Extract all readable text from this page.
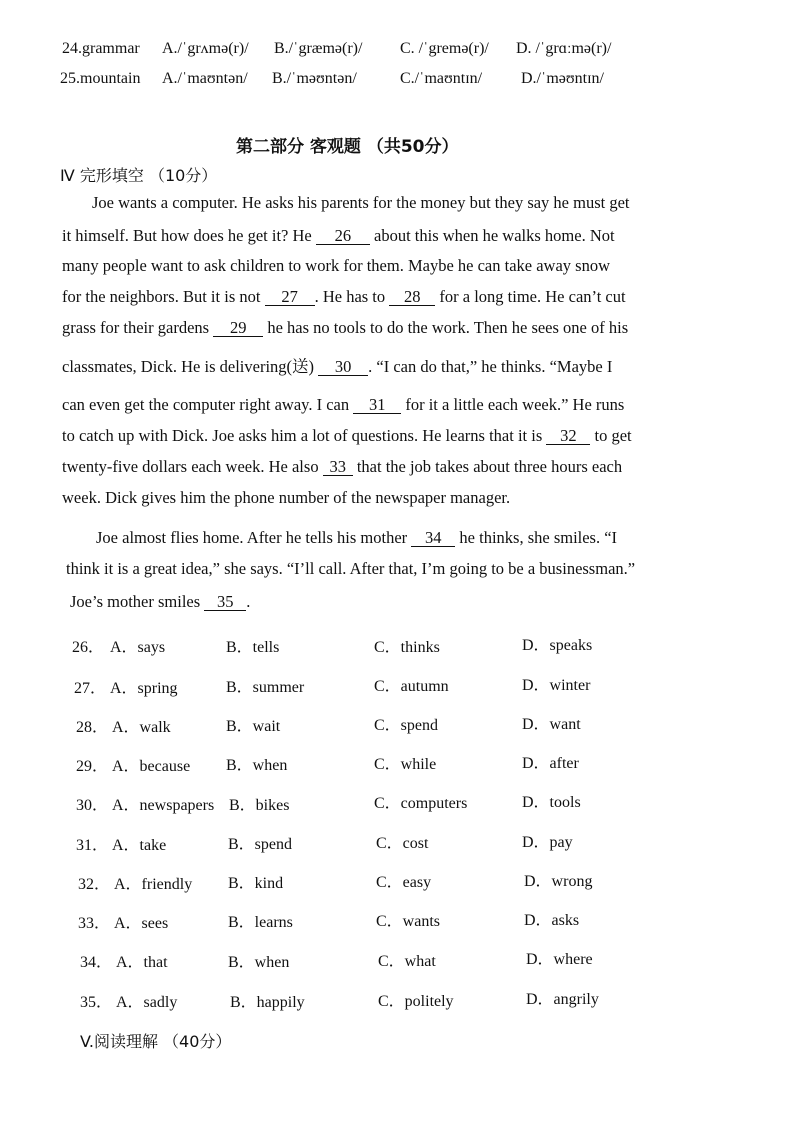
24.grammar A./ˈgrʌmə(r)/ B./ˈgræmə(r)/ C. /ˈgremə(r)/ D. /ˈgrɑːmə(r)/
25.mountain A./ˈmaʊntən/ B./ˈməʊntən/	C./ˈmaʊntɪn/ D./ˈməʊntɪn/
第二部分 客观题 （共50分）
Ⅳ 完形填空 （10分）
Joe wants a computer. He asks his parents for the money but they say he must get
it himself. But how does he get it? He 26 about this when he walks home. Not
many people want to ask children to work for them. Maybe he can take away snow
for the neighbors. But it is not 27 . He has to 28 for a long time. He can’t cut
grass for their gardens 29 he has no tools to do the work. Then he sees one of his
classmates, Dick. He is delivering(送) 30 . “I can do that,” he thinks. “Maybe I
can even get the computer right away. I can 31 for it a little each week.” He runs
to catch up with Dick. Joe asks him a lot of questions. He learns that it is 32 to get
twenty-five dollars each week. He also 33 that the job takes about three hours each
week. Dick gives him the phone number of the newspaper manager.
Joe almost flies home. After he tells his mother 34 he thinks, she smiles. “I
think it is a great idea,” she says. “I’ll call. After that, I’m going to be a businessman.”
Joe’s mother smiles 35 .
26． A．says	B．tells	C．thinks	D．speaks
27． A．spring	B．summer	C．autumn	D．winter
28． A．walk	B．wait	C．spend	D．want
29． A．because B．when	C．while	D．after
30． A．newspapers B．bikes	C．computers	D．tools
31． A．take	B．spend	C．cost	D．pay
32． A．friendly B．kind	C．easy	D．wrong
33． A．sees	B．learns	C．wants	D．asks
34． A．that	B．when	C．what	D．where
35． A．sadly	B．happily	C．politely	D．angrily
V.阅读理解 （40分）
